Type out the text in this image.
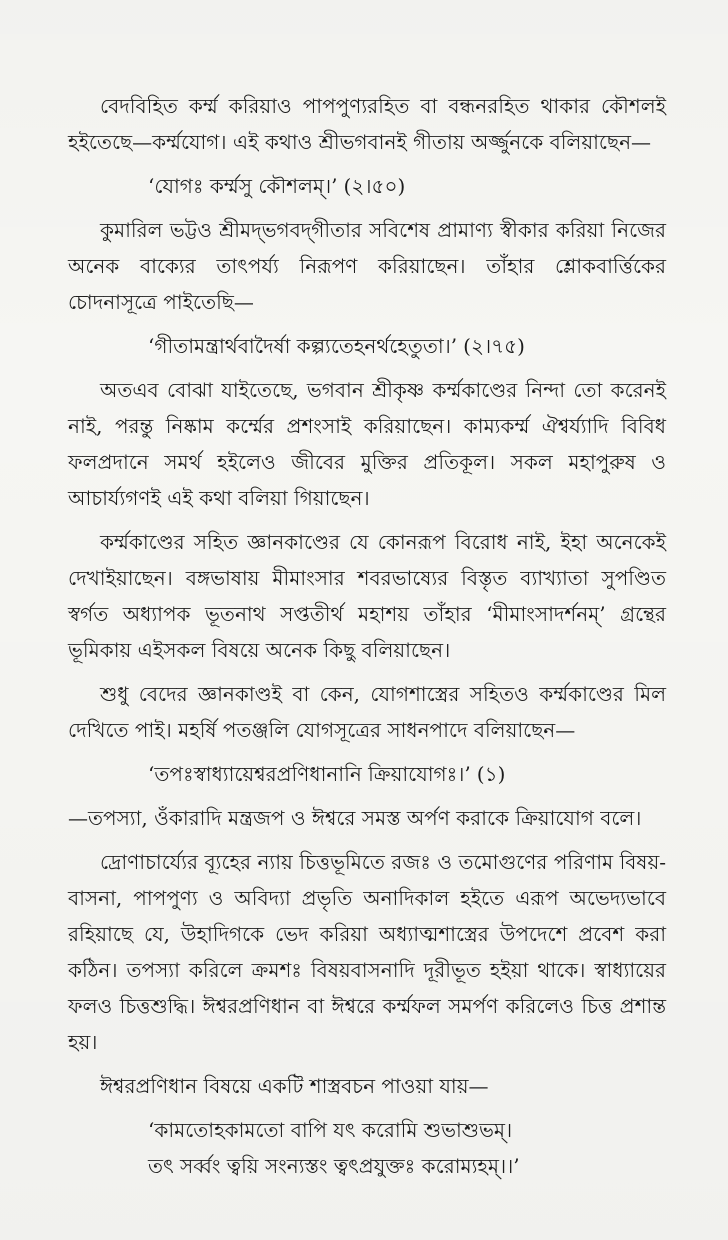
বেদবিহিত কর্ম্ম করিয়াও পাপপুণ্যরহিত বা বন্ধনরহিত থাকার কৌশলই হইতেছে—কর্ম্মযোগ। এই কথাও শ্রীভগবানই গীতায় অর্জ্জুনকে বলিয়াছেন—

‘যোগঃ কর্ম্মসু কৌশলম্।’ (২।৫০)

কুমারিল ভট্টও শ্রীমদ্‌ভগবদ্‌গীতার সবিশেষ প্রামাণ্য স্বীকার করিয়া নিজের অনেক বাক্যের তাৎপর্য্য নিরূপণ করিয়াছেন। তাঁহার শ্লোকবার্ত্তিকের চোদনাসূত্রে পাইতেছি—

‘গীতামন্ত্রার্থবাদৈর্ষা কল্প্যতেহনর্থহেতুতা।’ (২।৭৫)

অতএব বোঝা যাইতেছে, ভগবান শ্রীকৃষ্ণ কর্ম্মকাণ্ডের নিন্দা তো করেনই নাই, পরন্তু নিষ্কাম কর্ম্মের প্রশংসাই করিয়াছেন। কাম্যকর্ম্ম ঐশ্বর্য্যাদি বিবিধ ফলপ্রদানে সমর্থ হইলেও জীবের মুক্তির প্রতিকূল। সকল মহাপুরুষ ও আচার্য্যগণই এই কথা বলিয়া গিয়াছেন।

কর্ম্মকাণ্ডের সহিত জ্ঞানকাণ্ডের যে কোনরূপ বিরোধ নাই, ইহা অনেকেই দেখাইয়াছেন। বঙ্গভাষায় মীমাংসার শবরভাষ্যের বিস্তৃত ব্যাখ্যাতা সুপণ্ডিত স্বর্গত অধ্যাপক ভূতনাথ সপ্ততীর্থ মহাশয় তাঁহার ‘মীমাংসাদর্শনম্’ গ্রন্থের ভূমিকায় এইসকল বিষয়ে অনেক কিছু বলিয়াছেন।

শুধু বেদের জ্ঞানকাণ্ডই বা কেন, যোগশাস্ত্রের সহিতও কর্ম্মকাণ্ডের মিল দেখিতে পাই। মহর্ষি পতঞ্জলি যোগসূত্রের সাধনপাদে বলিয়াছেন—

‘তপঃস্বাধ্যায়েশ্বরপ্রণিধানানি ক্রিয়াযোগঃ।’ (১)

—তপস্যা, ওঁকারাদি মন্ত্রজপ ও ঈশ্বরে সমস্ত অর্পণ করাকে ক্রিয়াযোগ বলে।

দ্রোণাচার্য্যের ব্যূহের ন্যায় চিত্তভূমিতে রজঃ ও তমোগুণের পরিণাম বিষয়-বাসনা, পাপপুণ্য ও অবিদ্যা প্রভৃতি অনাদিকাল হইতে এরূপ অভেদ্যভাবে রহিয়াছে যে, উহাদিগকে ভেদ করিয়া অধ্যাত্মশাস্ত্রের উপদেশে প্রবেশ করা কঠিন। তপস্যা করিলে ক্রমশঃ বিষয়বাসনাদি দূরীভূত হইয়া থাকে। স্বাধ্যায়ের ফলও চিত্তশুদ্ধি। ঈশ্বরপ্রণিধান বা ঈশ্বরে কর্ম্মফল সমর্পণ করিলেও চিত্ত প্রশান্ত হয়।

ঈশ্বরপ্রণিধান বিষয়ে একটি শাস্ত্রবচন পাওয়া যায়—

‘কামতোহকামতো বাপি যৎ করোমি শুভাশুভম্।

তৎ সর্ব্বং ত্বয়ি সংন্যস্তং ত্বৎপ্রযুক্তঃ করোম্যহম্।।’
